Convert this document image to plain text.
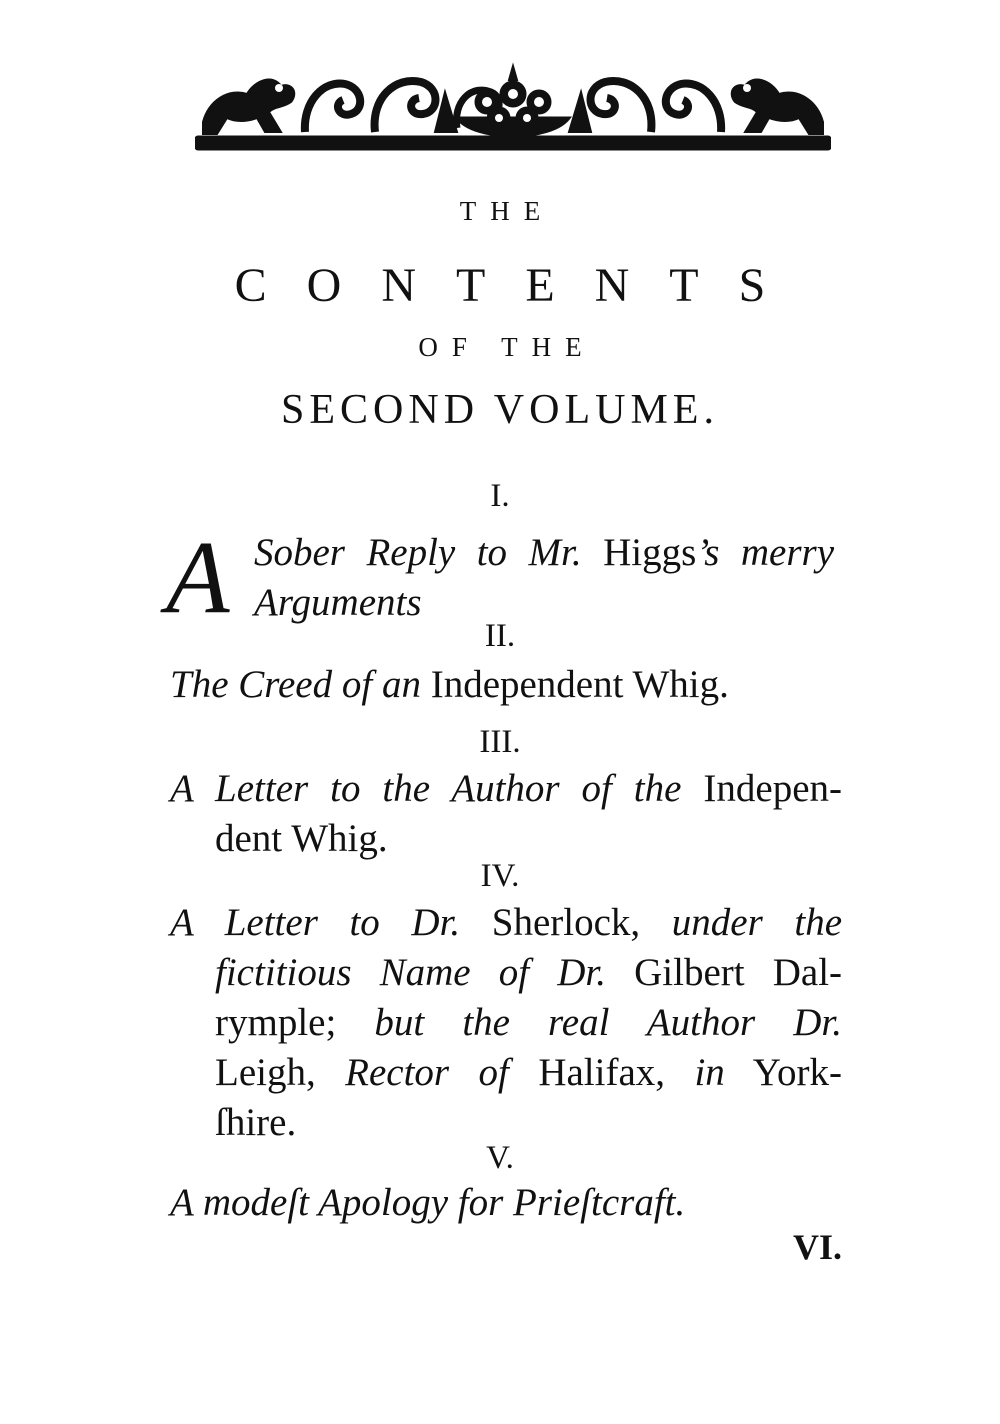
THE
CONTENTS
OF THE
SECOND VOLUME.
I.
A Sober Reply to Mr. Higgs’s merry
Arguments
II.
The Creed of an Independent Whig.
III.
A Letter to the Author of the Indepen-
dent Whig.
IV.
A Letter to Dr. Sherlock, under the
fictitious Name of Dr. Gilbert Dal-
rymple; but the real Author Dr.
Leigh, Rector of Halifax, in York-
ſhire.
V.
A modeſt Apology for Prieſtcraft.
VI.
